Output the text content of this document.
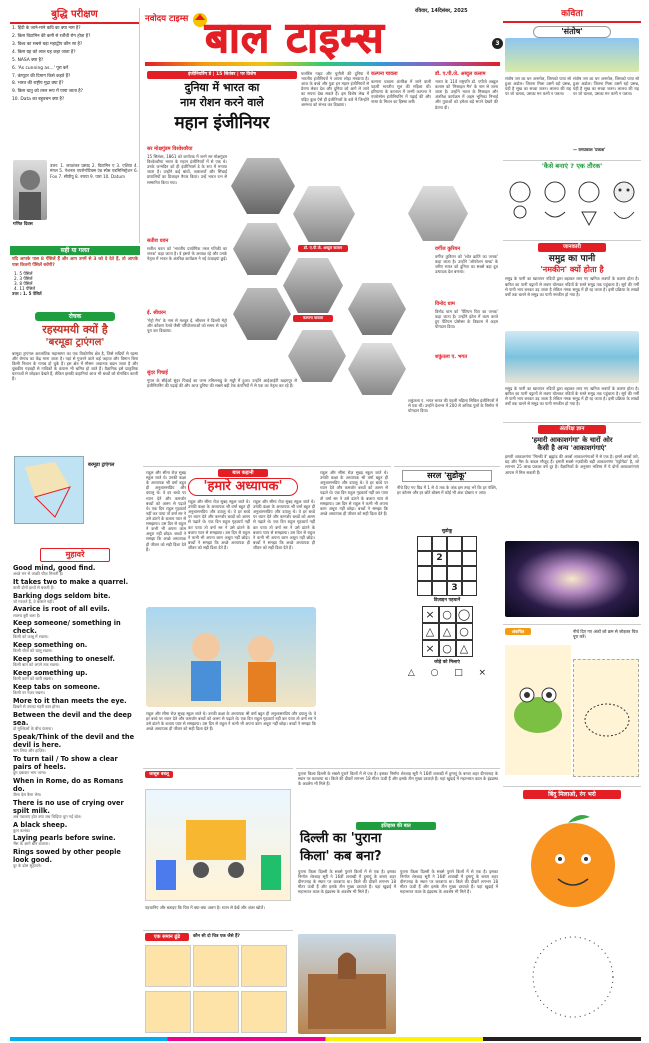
नवोदय टाइम्स बाल टाइम्स
रविवार, 14दिसंबर, 2025
3
बुद्धि परीक्षण
1. हिंदी के जाने-माने कवि का क्या नाम है?
2. किस विटामिन की कमी से रतौंधी रोग होता है?
3. विश्व का सबसे बड़ा महाद्वीप कौन सा है?
4. किस ग्रह को लाल ग्रह कहा जाता है?
5. NASA क्या है?
6. 'As cunning as...' पूरा करें
7. कंप्यूटर की दिमाग किसे कहते हैं?
8. भारत की राष्ट्रीय मुद्रा क्या है?
9. किस धातु को तरल रूप में पाया जाता है?
10. Data का बहुवचन क्या है?
गणित दिवस
उत्तर: 1. जयशंकर प्रसाद 2. विटामिन ए 3. एशिया 4. मंगल 5. नेशनल एयरोनॉटिक्स एंड स्पेस एडमिनिस्ट्रेशन 6. Fox 7. सीपीयू 8. रुपया 9. पारा 10. Datum
सही या गलत
यदि आपके पास 8 पेंसिलें हैं और आप उनमें से 3 को दे देते हैं, तो आपके पास कितनी पेंसिलें बचेंगी?
1. 5 पेंसिलें
2. 3 पेंसिलें
3. 8 पेंसिलें
4. 11 पेंसिलें
उत्तर : 1. 5 पेंसिलें
रोचक
रहस्यमयी क्यों है
'बरमूडा ट्राएंगल'
बरमूडा ट्राएंगल अटलांटिक महासागर का एक त्रिकोणीय क्षेत्र है, जिसे सदियों से रहस्य और रोमांच का केंद्र माना जाता है। यहां से गुजरने वाले कई जहाज और विमान बिना किसी निशान के गायब हो चुके हैं। इस क्षेत्र में मौसम अचानक बदल जाता है और चुंबकीय गड़बड़ी से नाविकों के कंपास भी भ्रमित हो जाते हैं। वैज्ञानिक इसे प्राकृतिक घटनाओं से जोड़कर देखते हैं, लेकिन इसकी कहानियां आज भी बच्चों को रोमांचित करती हैं।
बरमूडा ट्राएंगल
मुहावरे
Good mind, good find.
अच्छे मन से अच्छी चीज़ मिलती है।
It takes two to make a quarrel.
ताली दोनों हाथों से बजती है।
Barking dogs seldom bite.
जो गरजते हैं, वे बरसते नहीं।
Avarice is root of all evils.
लालच बुरी बला है।
Keep someone/ something in check.
किसी को काबू में रखना।
Keep something on.
किसी चीज़ को चालू रखना।
Keep something to oneself.
किसी बात को अपने तक रखना।
Keep something up.
किसी काम को जारी रखना।
Keep tabs on someone.
किसी पर नज़र रखना।
More to it than meets the eye.
दिखने से ज़्यादा गहरी बात होना।
Between the devil and the deep sea.
दो मुश्किलों के बीच फंसना।
Speak/Think of the devil and the devil is here.
नाम लिया और हाज़िर।
To turn tail / To show a clear pairs of heels.
दुम दबाकर भाग जाना।
When in Rome, do as Romans do.
जैसा देस वैसा भेस।
There is no use of crying over spilt milk.
अब पछताए होत क्या जब चिड़िया चुग गई खेत।
A black sheep.
कुल कलंक।
Laying pearls before swine.
भैंस के आगे बीन बजाना।
Rings sowed by other people look good.
दूर के ढोल सुहावने।
इंजीनियरिंग डे | 15 सितंबर | पर विशेष
दुनिया में भारत का
नाम रोशन करने वाले
महान इंजीनियर
फलॉरेंस नाइट और चुनौती की दुनिया में भारतीय इंजीनियरों ने अपना लोहा मनवाया है। आज के बच्चे और युवा इन महान इंजीनियरों से प्रेरणा लेकर देश और दुनिया को आगे ले जाने का सपना देख सकते हैं। इस विशेष लेख में पढ़िए कुछ ऐसे ही इंजीनियरों के बारे में जिन्होंने असंभव को संभव कर दिखाया।
सर मोक्षगुंडम विश्वेश्वरैया
15 सितंबर, 1861 को कर्नाटक में जन्मे सर मोक्षगुंडम विश्वेश्वरैया भारत के महान इंजीनियरों में से एक थे। उनके जन्मदिन को ही इंजीनियर्स डे के रूप में मनाया जाता है। उन्होंने कई बांधों, जलाशयों और सिंचाई प्रणालियों का डिजाइन तैयार किया। उन्हें भारत रत्न से सम्मानित किया गया।
डॉ. ए.पी.जे. अब्दुल कलाम
कल्पना चावला
सतीश धवन
सतीश धवन को 'भारतीय प्रायोगिक तरल गतिकी का जनक' कहा जाता है। वे इसरो के अध्यक्ष रहे और उनके नेतृत्व में भारत के अंतरिक्ष कार्यक्रम ने नई ऊंचाइयां छुईं।
ई. श्रीधरन
'मेट्रो मैन' के नाम से मशहूर ई. श्रीधरन ने दिल्ली मेट्रो और कोंकण रेलवे जैसी परियोजनाओं को समय से पहले पूरा कर दिखाया।
सुंदर पिचाई
गूगल के सीईओ सुंदर पिचाई का जन्म तमिलनाडु के मदुरै में हुआ। उन्होंने आईआईटी खड़गपुर से इंजीनियरिंग की पढ़ाई की और आज दुनिया की सबसे बड़ी टेक कंपनियों में से एक का नेतृत्व कर रहे हैं।
कल्पना चावला
कल्पना चावला अंतरिक्ष में जाने वाली पहली भारतीय मूल की महिला थीं। हरियाणा के करनाल में जन्मी कल्पना ने एयरोस्पेस इंजीनियरिंग में पढ़ाई की और नासा के मिशन का हिस्सा बनीं।
डॉ. ए.पी.जे. अब्दुल कलाम
भारत के 11वें राष्ट्रपति डॉ. एपीजे अब्दुल कलाम को 'मिसाइल मैन' के नाम से जाना जाता है। उन्होंने भारत के मिसाइल और अंतरिक्ष कार्यक्रम में अहम भूमिका निभाई और युवाओं को हमेशा बड़े सपने देखने की प्रेरणा दी।
वर्गीज कुरियन
वर्गीज कुरियन को 'श्वेत क्रांति का जनक' कहा जाता है। उन्होंने 'ऑपरेशन फ्लड' के जरिए भारत को दुनिया का सबसे बड़ा दूध उत्पादक देश बनाया।
विनोद धाम
विनोद धाम को 'पेंटियम चिप का जनक' कहा जाता है। उन्होंने इंटेल में काम करते हुए पेंटियम प्रोसेसर के विकास में अहम योगदान दिया।
शकुंतला ए. भगत
शकुंतला ए. भगत भारत की पहली महिला सिविल इंजीनियरों में से एक थीं। उन्होंने देशभर में 200 से अधिक पुलों के निर्माण में योगदान दिया।
बाल कहानी
'हमारे अध्यापक'
राहुल और सीमा रोज़ सुबह स्कूल जाते थे। उनकी कक्षा के अध्यापक श्री वर्मा बहुत ही अनुशासनप्रिय और दयालु थे। वे हर बच्चे पर ध्यान देते और कमजोर बच्चों को अलग से पढ़ाते थे। एक दिन राहुल गृहकार्य नहीं कर पाया तो वर्मा सर ने उसे डांटने के बजाय प्यार से समझाया। उस दिन से राहुल ने कभी भी अपना काम अधूरा नहीं छोड़ा। बच्चों ने समझा कि अच्छे अध्यापक ही जीवन को सही दिशा देते हैं।
राहुल और सीमा रोज़ सुबह स्कूल जाते थे। उनकी कक्षा के अध्यापक श्री वर्मा बहुत ही अनुशासनप्रिय और दयालु थे। वे हर बच्चे पर ध्यान देते और कमजोर बच्चों को अलग से पढ़ाते थे। एक दिन राहुल गृहकार्य नहीं कर पाया तो वर्मा सर ने उसे डांटने के बजाय प्यार से समझाया। उस दिन से राहुल ने कभी भी अपना काम अधूरा नहीं छोड़ा। बच्चों ने समझा कि अच्छे अध्यापक ही जीवन को सही दिशा देते हैं।
राहुल और सीमा रोज़ सुबह स्कूल जाते थे। उनकी कक्षा के अध्यापक श्री वर्मा बहुत ही अनुशासनप्रिय और दयालु थे। वे हर बच्चे पर ध्यान देते और कमजोर बच्चों को अलग से पढ़ाते थे। एक दिन राहुल गृहकार्य नहीं कर पाया तो वर्मा सर ने उसे डांटने के बजाय प्यार से समझाया। उस दिन से राहुल ने कभी भी अपना काम अधूरा नहीं छोड़ा। बच्चों ने समझा कि अच्छे अध्यापक ही जीवन को सही दिशा देते हैं।
राहुल और सीमा रोज़ सुबह स्कूल जाते थे। उनकी कक्षा के अध्यापक श्री वर्मा बहुत ही अनुशासनप्रिय और दयालु थे। वे हर बच्चे पर ध्यान देते और कमजोर बच्चों को अलग से पढ़ाते थे। एक दिन राहुल गृहकार्य नहीं कर पाया तो वर्मा सर ने उसे डांटने के बजाय प्यार से समझाया। उस दिन से राहुल ने कभी भी अपना काम अधूरा नहीं छोड़ा। बच्चों ने समझा कि अच्छे अध्यापक ही जीवन को सही दिशा देते हैं।
राहुल और सीमा रोज़ सुबह स्कूल जाते थे। उनकी कक्षा के अध्यापक श्री वर्मा बहुत ही अनुशासनप्रिय और दयालु थे। वे हर बच्चे पर ध्यान देते और कमजोर बच्चों को अलग से पढ़ाते थे। एक दिन राहुल गृहकार्य नहीं कर पाया तो वर्मा सर ने उसे डांटने के बजाय प्यार से समझाया। उस दिन से राहुल ने कभी भी अपना काम अधूरा नहीं छोड़ा। बच्चों ने समझा कि अच्छे अध्यापक ही जीवन को सही दिशा देते हैं।
सरल 'सुडोकू'
नीचे दिए गए ग्रिड में 1 से 4 तक के अंक इस तरह भरें कि हर पंक्ति, हर कॉलम और हर छोटे बॉक्स में कोई भी अंक दोबारा न आए।
सुडोकू
2
3
डिज़ाइन पहचानें
× ○ ◯
△ △ ○
× ○ △
जोड़े को मिलाएं
△ ○ □ ×
जासूस बबलू
पहचानिए और बताइए कि चित्र में क्या-क्या अलग है। ध्यान से देखें और अंतर खोजें।
पुराना किला दिल्ली के सबसे पुराने किलों में से एक है। इसका निर्माण शेरशाह सूरी ने 16वीं शताब्दी में हुमायूं के बनाए शहर दीनपनाह के स्थान पर करवाया था। किले की दीवारें लगभग 18 मीटर ऊंची हैं और इसके तीन मुख्य दरवाज़े हैं। यहां खुदाई में महाभारत काल के इंद्रप्रस्थ के अवशेष भी मिले हैं।
इतिहास की बात
दिल्ली का 'पुराना
किला' कब बना?
पुराना किला दिल्ली के सबसे पुराने किलों में से एक है। इसका निर्माण शेरशाह सूरी ने 16वीं शताब्दी में हुमायूं के बनाए शहर दीनपनाह के स्थान पर करवाया था। किले की दीवारें लगभग 18 मीटर ऊंची हैं और इसके तीन मुख्य दरवाज़े हैं। यहां खुदाई में महाभारत काल के इंद्रप्रस्थ के अवशेष भी मिले हैं।
पुराना किला दिल्ली के सबसे पुराने किलों में से एक है। इसका निर्माण शेरशाह सूरी ने 16वीं शताब्दी में हुमायूं के बनाए शहर दीनपनाह के स्थान पर करवाया था। किले की दीवारें लगभग 18 मीटर ऊंची हैं और इसके तीन मुख्य दरवाज़े हैं। यहां खुदाई में महाभारत काल के इंद्रप्रस्थ के अवशेष भी मिले हैं।
एक समान ढूंढे	कौन सी दो चित्र एक जैसे हैं?
कविता
'संतोष'
संतोष जग का धन अनमोल, जिसको पाया सो हुआ अडोल। जितना मिला उसमें रहो प्रसन्न, यही है सुख का सच्चा जतन। लालच की राह पर जो चलता, उसका मन कभी न पलता।
संतोष जग का धन अनमोल, जिसको पाया सो हुआ अडोल। जितना मिला उसमें रहो प्रसन्न, यही है सुख का सच्चा जतन। लालच की राह पर जो चलता, उसका मन कभी न पलता।
— रामप्रकाश 'प्रकाश'
'कैसे बनाएं ? एक तौरक'
जानकारी
समुद्र का पानी
'नमकीन' क्यों होता है
समुद्र के पानी का खारापन नदियों द्वारा बहाकर लाए गए खनिज लवणों के कारण होता है। बारिश का पानी चट्टानों से लवण घोलकर नदियों के रास्ते समुद्र तक पहुंचाता है। सूर्य की गर्मी से पानी भाप बनकर उड़ जाता है लेकिन नमक समुद्र में ही रह जाता है। इसी प्रक्रिया के लाखों वर्षों तक चलने से समुद्र का पानी नमकीन हो गया है।
समुद्र के पानी का खारापन नदियों द्वारा बहाकर लाए गए खनिज लवणों के कारण होता है। बारिश का पानी चट्टानों से लवण घोलकर नदियों के रास्ते समुद्र तक पहुंचाता है। सूर्य की गर्मी से पानी भाप बनकर उड़ जाता है लेकिन नमक समुद्र में ही रह जाता है। इसी प्रक्रिया के लाखों वर्षों तक चलने से समुद्र का पानी नमकीन हो गया है।
अंतरिक्ष ज्ञान
'हमारी आकाशगंगा' के चारों ओर
कैसी है अन्य 'आकाशगंगाएं'
हमारी आकाशगंगा 'मिल्की वे' ब्रह्मांड की अरबों आकाशगंगाओं में से एक है। इसमें अरबों तारे, ग्रह और गैस के बादल मौजूद हैं। हमारी सबसे नज़दीकी बड़ी आकाशगंगा 'एंड्रोमेडा' है, जो लगभग 25 लाख प्रकाश वर्ष दूर है। वैज्ञानिकों के अनुसार भविष्य में ये दोनों आकाशगंगाएं आपस में मिल सकती हैं।
अंकचित्र	नीचे दिए गए अंकों को क्रम से जोड़कर चित्र पूरा करें।
बिंदु मिलाओ, रंग भरो
